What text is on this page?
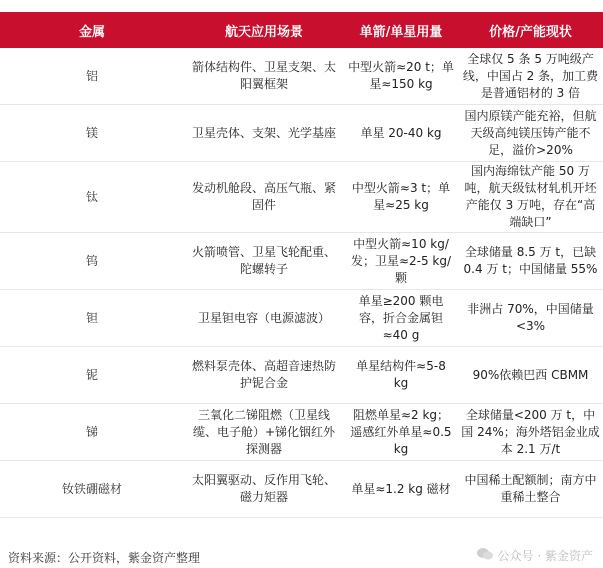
金属	航天应用场景	单箭/单星用量	价格/产能现状
铝	箭体结构件、卫星支架、太阳翼框架	中型火箭≈20 t；单星≈150 kg	全球仅 5 条 5 万吨级产线，中国占 2 条，加工费是普通铝材的 3 倍
镁	卫星壳体、支架、光学基座	单星 20-40 kg	国内原镁产能充裕，但航天级高纯镁压铸产能不足，溢价>20%
钛	发动机舱段、高压气瓶、紧固件	中型火箭≈3 t；单星≈25 kg	国内海绵钛产能 50 万吨，航天级钛材轧机开坯产能仅 3 万吨，存在“高端缺口”
钨	火箭喷管、卫星飞轮配重、陀螺转子	中型火箭≈10 kg/发；卫星≈2-5 kg/颗	全球储量 8.5 万 t，已缺 0.4 万 t；中国储量 55%
钽	卫星钽电容（电源滤波）	单星≥200 颗电容，折合金属钽≈40 g	非洲占 70%，中国储量<3%
铌	燃料泵壳体、高超音速热防护铌合金	单星结构件≈5-8 kg	90%依赖巴西 CBMM
锑	三氧化二锑阻燃（卫星线缆、电子舱）+锑化铟红外探测器	阻燃单星≈2 kg；遥感红外单星≈0.5 kg	全球储量<200 万 t，中国 24%；海外塔铝金业成本 2.1 万/t
钕铁硼磁材	太阳翼驱动、反作用飞轮、磁力矩器	单星≈1.2 kg 磁材	中国稀土配额制；南方中重稀土整合
资料来源：公开资料，紫金资产整理	公众号 · 紫金资产
